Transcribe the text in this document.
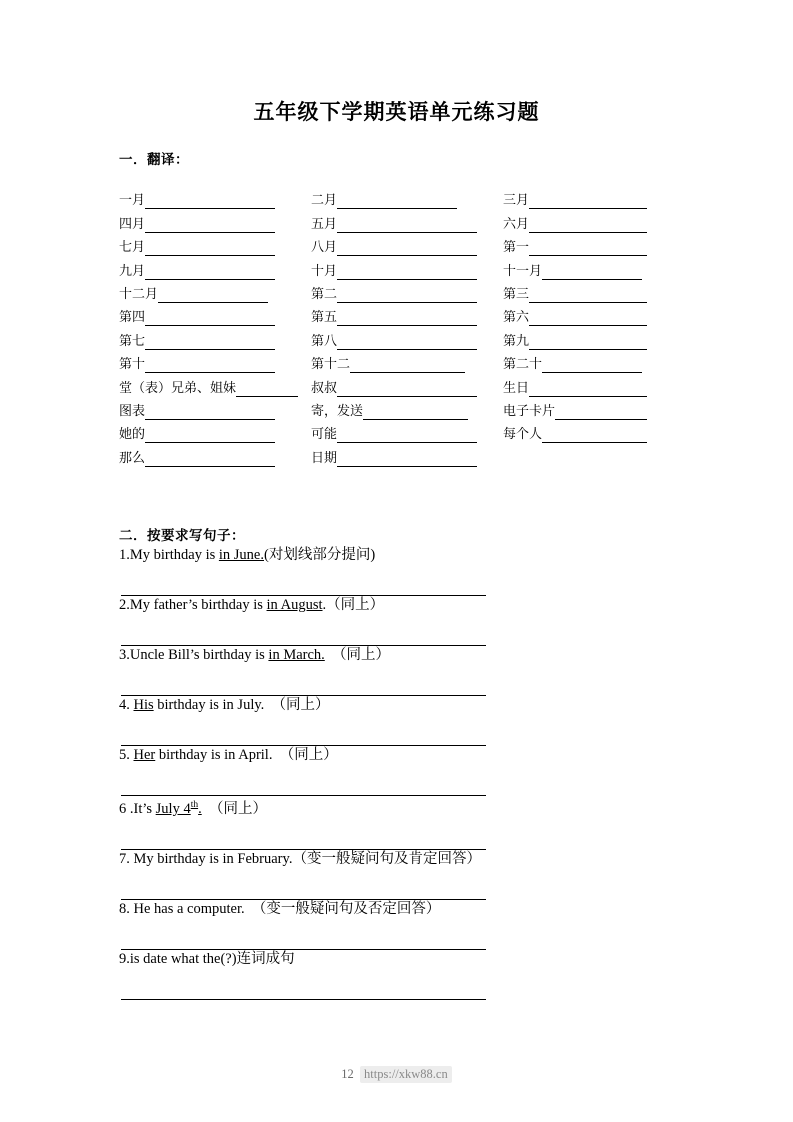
五年级下学期英语单元练习题
一．翻译：
一月	二月	三月
四月	五月	六月
七月	八月	第一
九月	十月	十一月
十二月	第二	第三
第四	第五	第六
第七	第八	第九
第十	第十二	第二十
堂（表）兄弟、姐妹	叔叔	生日
图表	寄，发送	电子卡片
她的	可能	每个人
那么	日期
二．按要求写句子：
1.My birthday is in June.(对划线部分提问)
2.My father’s birthday is in August.（同上）
3.Uncle Bill’s birthday is in March.　（同上）
4. His birthday is in July.　（同上）
5. Her birthday is in April.　（同上）
6 .It’s July 4th.　（同上）
7. My birthday is in February.（变一般疑问句及肯定回答）
8. He has a computer.　（变一般疑问句及否定回答）
9.is date what the(?)连词成句
12 https://xkw88.cn
